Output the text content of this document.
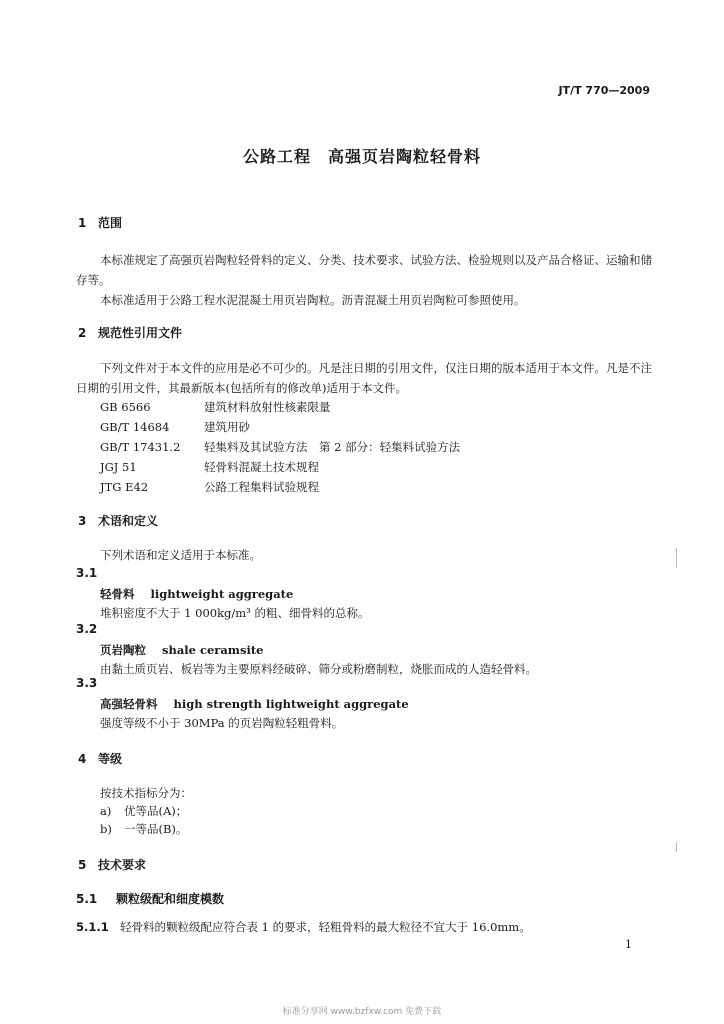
JT/T 770—2009
公路工程　高强页岩陶粒轻骨料
1 范围
本标准规定了高强页岩陶粒轻骨料的定义、分类、技术要求、试验方法、检验规则以及产品合格证、运输和储存等。
本标准适用于公路工程水泥混凝土用页岩陶粒。沥青混凝土用页岩陶粒可参照使用。
2 规范性引用文件
下列文件对于本文件的应用是必不可少的。凡是注日期的引用文件，仅注日期的版本适用于本文件。凡是不注日期的引用文件，其最新版本(包括所有的修改单)适用于本文件。
GB 6566	建筑材料放射性核素限量
GB/T 14684	建筑用砂
GB/T 17431.2 轻集料及其试验方法　第 2 部分：轻集料试验方法
JGJ 51	轻骨料混凝土技术规程
JTG E42	公路工程集料试验规程
3 术语和定义
下列术语和定义适用于本标准。
3.1
轻骨料 lightweight aggregate
堆积密度不大于 1 000kg/m³ 的粗、细骨料的总称。
3.2
页岩陶粒 shale ceramsite
由黏土质页岩、板岩等为主要原料经破碎、筛分或粉磨制粒，烧胀而成的人造轻骨料。
3.3
高强轻骨料 high strength lightweight aggregate
强度等级不小于 30MPa 的页岩陶粒轻粗骨料。
4 等级
按技术指标分为：
a) 优等品(A)；
b) 一等品(B)。
5 技术要求
5.1 颗粒级配和细度模数
5.1.1 轻骨料的颗粒级配应符合表 1 的要求，轻粗骨料的最大粒径不宜大于 16.0mm。
1
标准分享网 www.bzfxw.com 免费下载
